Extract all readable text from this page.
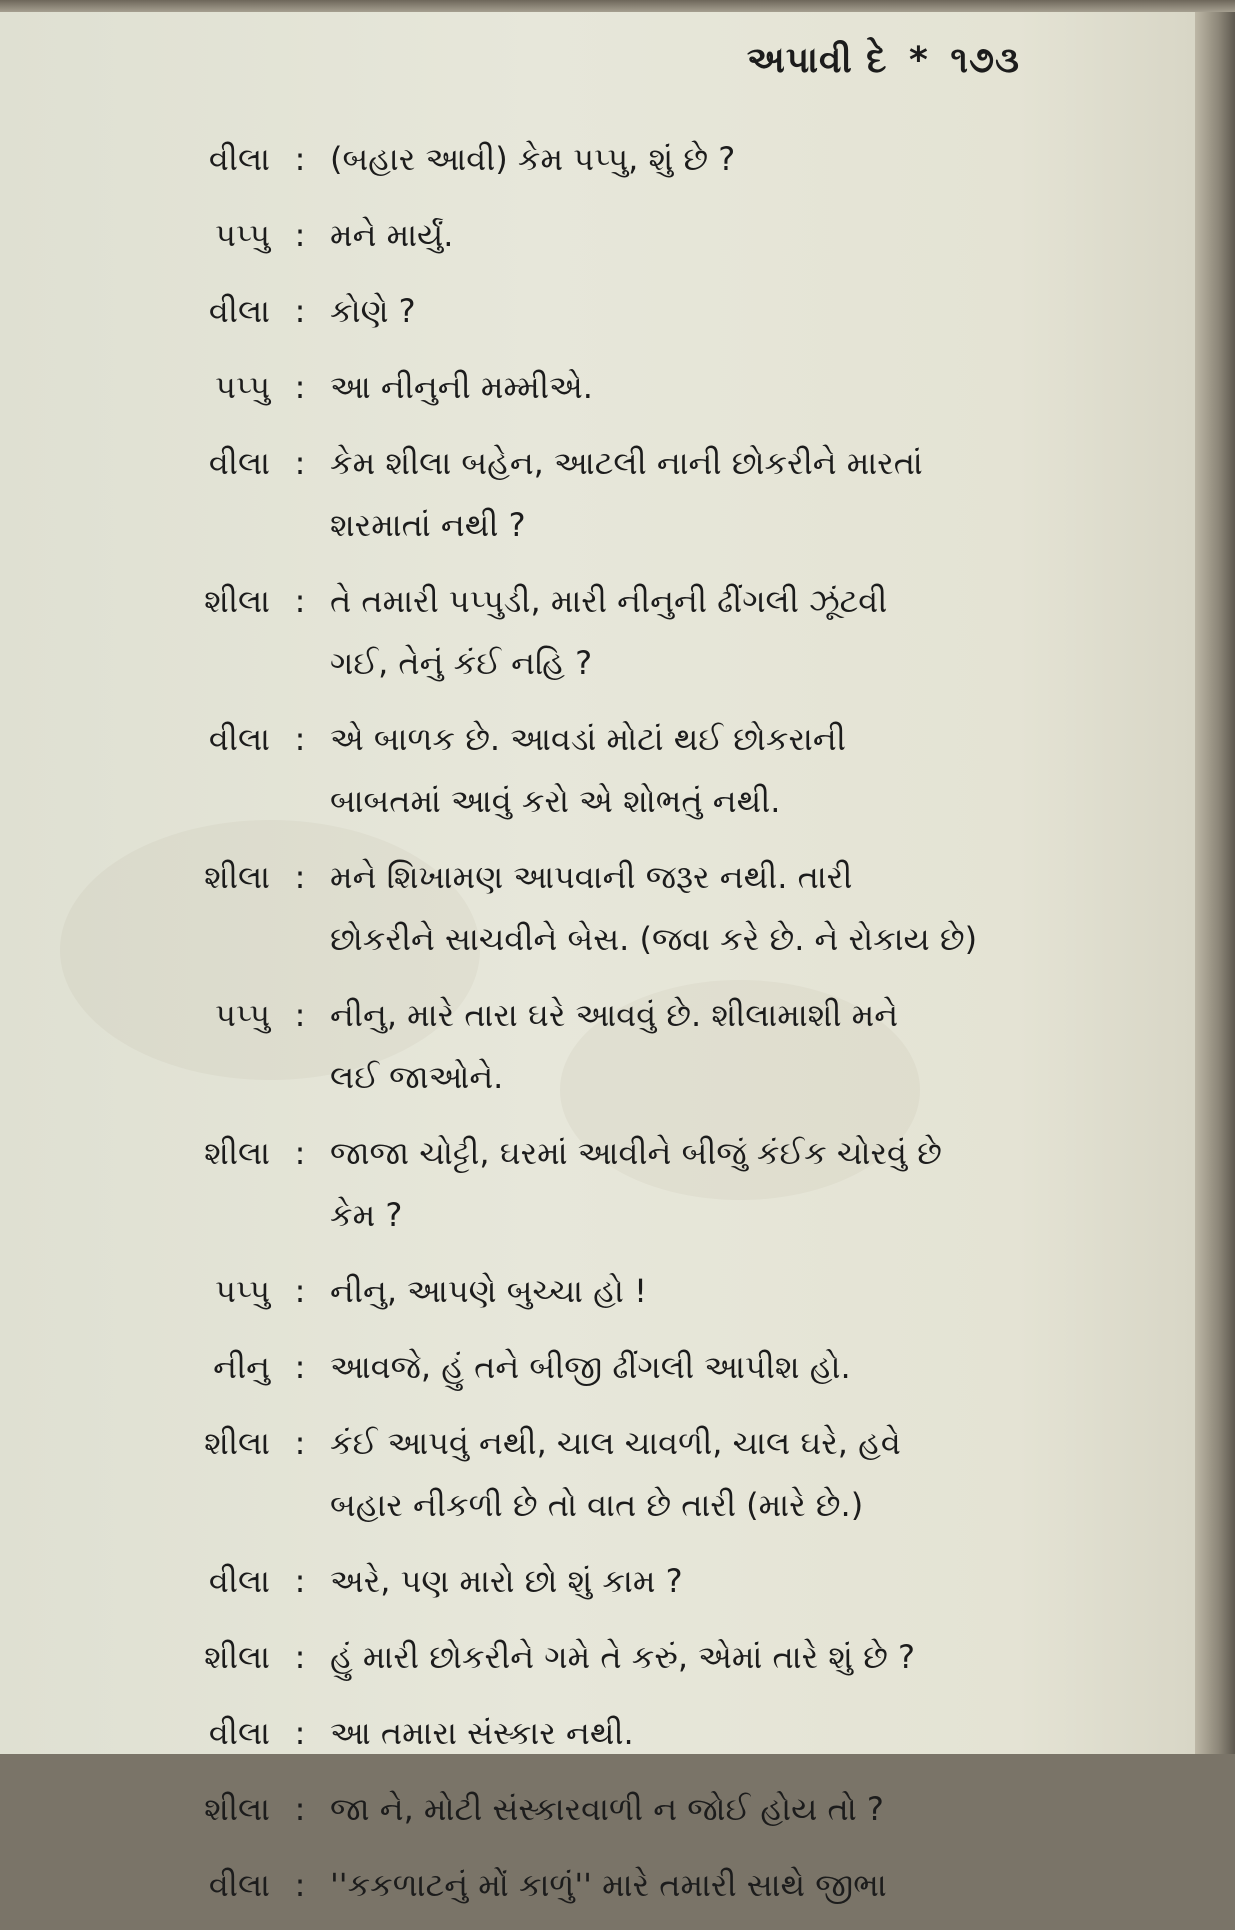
અપાવી દે * ૧૭૩
વીલા : (બહાર આવી) કેમ પપ્પુ, શું છે ?
પપ્પુ : મને માર્યું.
વીલા : કોણે ?
પપ્પુ : આ નીનુની મમ્મીએ.
વીલા : કેમ શીલા બહેન, આટલી નાની છોકરીને મારતાં
શરમાતાં નથી ?
શીલા : તે તમારી પપ્પુડી, મારી નીનુની ઢીંગલી ઝૂંટવી
ગઈ, તેનું કંઈ નહિ ?
વીલા : એ બાળક છે. આવડાં મોટાં થઈ છોકરાની
બાબતમાં આવું કરો એ શોભતું નથી.
શીલા : મને શિખામણ આપવાની જરૂર નથી. તારી
છોકરીને સાચવીને બેસ. (જવા કરે છે. ને રોકાય છે)
પપ્પુ : નીનુ, મારે તારા ઘરે આવવું છે. શીલામાશી મને
લઈ જાઓને.
શીલા : જાજા ચોટ્ટી, ઘરમાં આવીને બીજું કંઈક ચોરવું છે
કેમ ?
પપ્પુ : નીનુ, આપણે બુચ્ચા હો !
નીનુ : આવજે, હું તને બીજી ઢીંગલી આપીશ હો.
શીલા : કંઈ આપવું નથી, ચાલ ચાવળી, ચાલ ઘરે, હવે
બહાર નીકળી છે તો વાત છે તારી (મારે છે.)
વીલા : અરે, પણ મારો છો શું કામ ?
શીલા : હું મારી છોકરીને ગમે તે કરું, એમાં તારે શું છે ?
વીલા : આ તમારા સંસ્કાર નથી.
શીલા : જા ને, મોટી સંસ્કારવાળી ન જોઈ હોય તો ?
વીલા : ''કકળાટનું મોં કાળું'' મારે તમારી સાથે જીભા
